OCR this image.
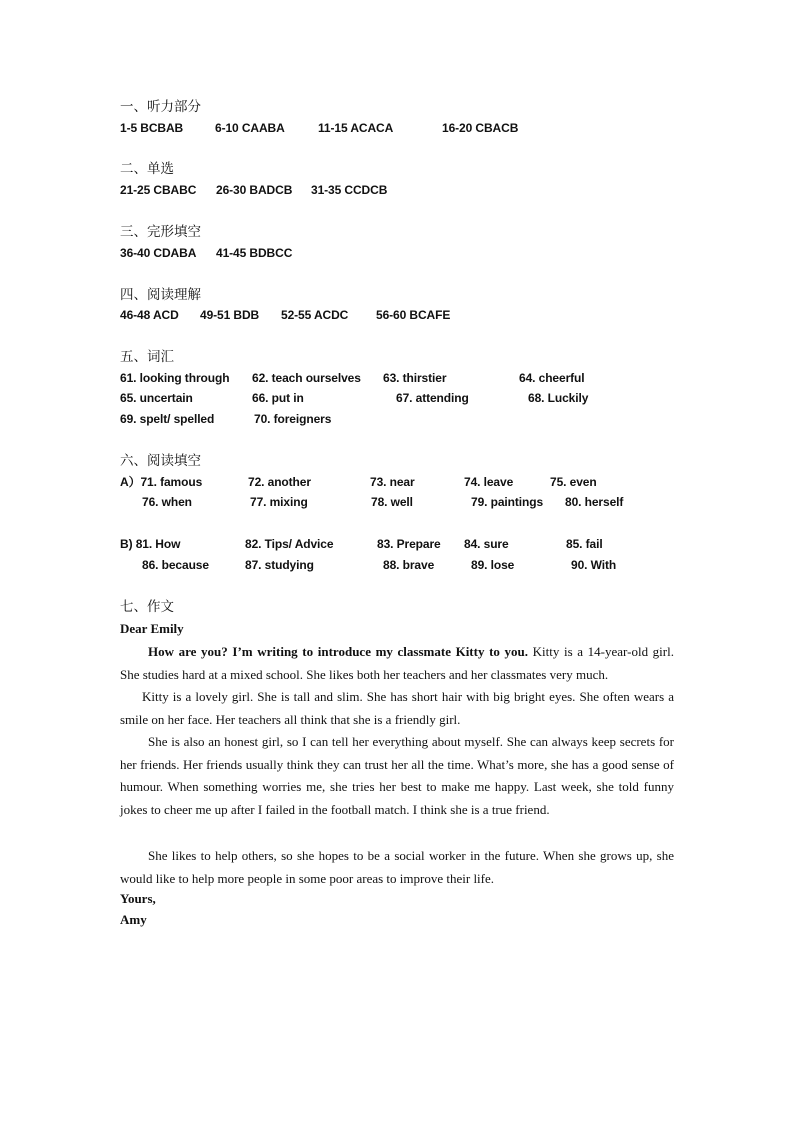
一、听力部分
1-5 BCBAB	6-10 CAABA	11-15 ACACA	16-20 CBACB
二、单选
21-25 CBABC 26-30 BADCB 31-35 CCDCB
三、完形填空
36-40 CDABA 41-45 BDBCC
四、阅读理解
46-48 ACD 49-51 BDB 52-55 ACDC 56-60 BCAFE
五、词汇
61. looking through 62. teach ourselves 63. thirstier	64. cheerful
65. uncertain	66. put in	67. attending	68. Luckily
69. spelt/ spelled	70. foreigners
六、阅读填空
A）71. famous	72. another	73. near	74. leave	75. even
76. when	77. mixing	78. well	79. paintings 80. herself
B) 81. How	82. Tips/ Advice	83. Prepare 84. sure	85. fail
86. because	87. studying	88. brave	89. lose	90. With
七、作文
Dear Emily

How are you? I’m writing to introduce my classmate Kitty to you. Kitty is a 14-year-old girl. She studies hard at a mixed school. She likes both her teachers and her classmates very much.

Kitty is a lovely girl. She is tall and slim. She has short hair with big bright eyes. She often wears a smile on her face. Her teachers all think that she is a friendly girl.

She is also an honest girl, so I can tell her everything about myself. She can always keep secrets for her friends. Her friends usually think they can trust her all the time. What’s more, she has a good sense of humour. When something worries me, she tries her best to make me happy. Last week, she told funny jokes to cheer me up after I failed in the football match. I think she is a true friend.

She likes to help others, so she hopes to be a social worker in the future. When she grows up, she would like to help more people in some poor areas to improve their life.

Yours,
Amy
